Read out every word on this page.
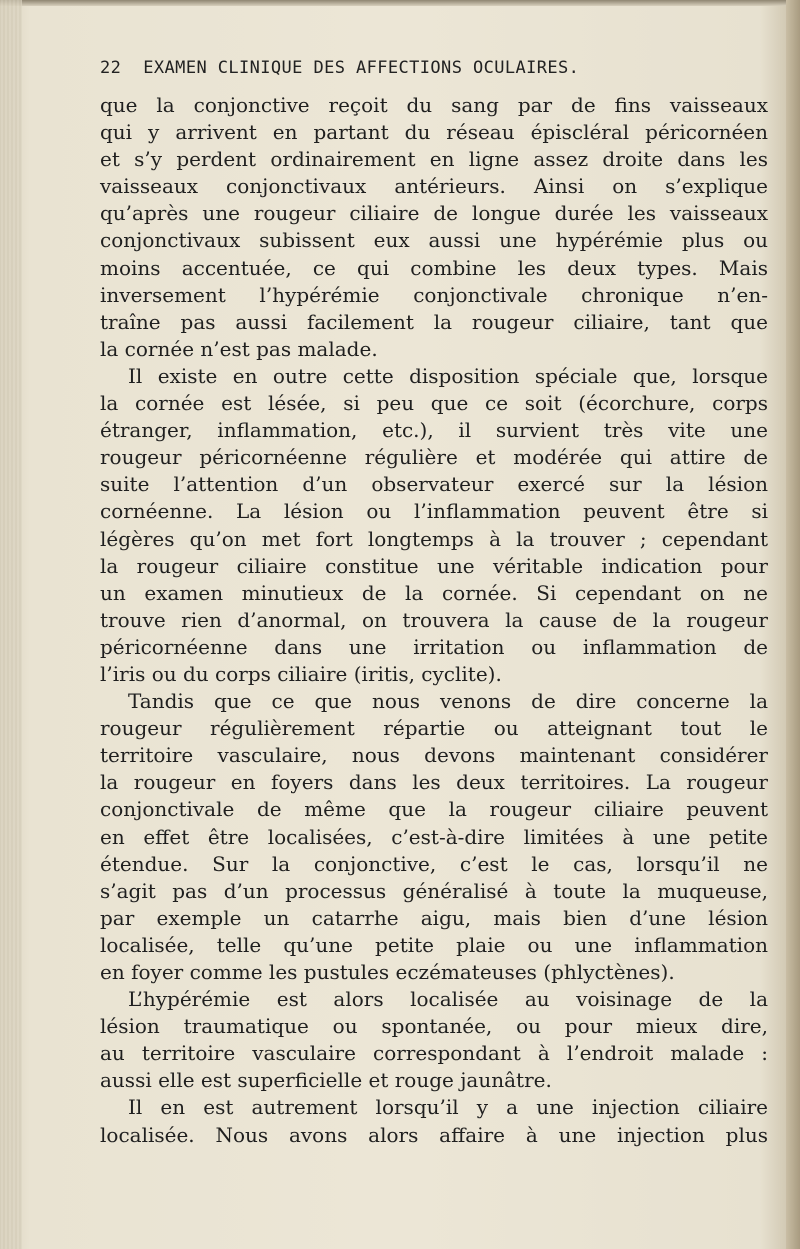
22 EXAMEN CLINIQUE DES AFFECTIONS OCULAIRES.
que la conjonctive reçoit du sang par de fins vaisseaux
qui y arrivent en partant du réseau épiscléral péricornéen
et s’y perdent ordinairement en ligne assez droite dans les
vaisseaux conjonctivaux antérieurs. Ainsi on s’explique
qu’après une rougeur ciliaire de longue durée les vaisseaux
conjonctivaux subissent eux aussi une hypérémie plus ou
moins accentuée, ce qui combine les deux types. Mais
inversement l’hypérémie conjonctivale chronique n’en-
traîne pas aussi facilement la rougeur ciliaire, tant que
la cornée n’est pas malade.
Il existe en outre cette disposition spéciale que, lorsque
la cornée est lésée, si peu que ce soit (écorchure, corps
étranger, inflammation, etc.), il survient très vite une
rougeur péricornéenne régulière et modérée qui attire de
suite l’attention d’un observateur exercé sur la lésion
cornéenne. La lésion ou l’inflammation peuvent être si
légères qu’on met fort longtemps à la trouver ; cependant
la rougeur ciliaire constitue une véritable indication pour
un examen minutieux de la cornée. Si cependant on ne
trouve rien d’anormal, on trouvera la cause de la rougeur
péricornéenne dans une irritation ou inflammation de
l’iris ou du corps ciliaire (iritis, cyclite).
Tandis que ce que nous venons de dire concerne la
rougeur régulièrement répartie ou atteignant tout le
territoire vasculaire, nous devons maintenant considérer
la rougeur en foyers dans les deux territoires. La rougeur
conjonctivale de même que la rougeur ciliaire peuvent
en effet être localisées, c’est-à-dire limitées à une petite
étendue. Sur la conjonctive, c’est le cas, lorsqu’il ne
s’agit pas d’un processus généralisé à toute la muqueuse,
par exemple un catarrhe aigu, mais bien d’une lésion
localisée, telle qu’une petite plaie ou une inflammation
en foyer comme les pustules eczémateuses (phlyctènes).
L’hypérémie est alors localisée au voisinage de la
lésion traumatique ou spontanée, ou pour mieux dire,
au territoire vasculaire correspondant à l’endroit malade :
aussi elle est superficielle et rouge jaunâtre.
Il en est autrement lorsqu’il y a une injection ciliaire
localisée. Nous avons alors affaire à une injection plus
